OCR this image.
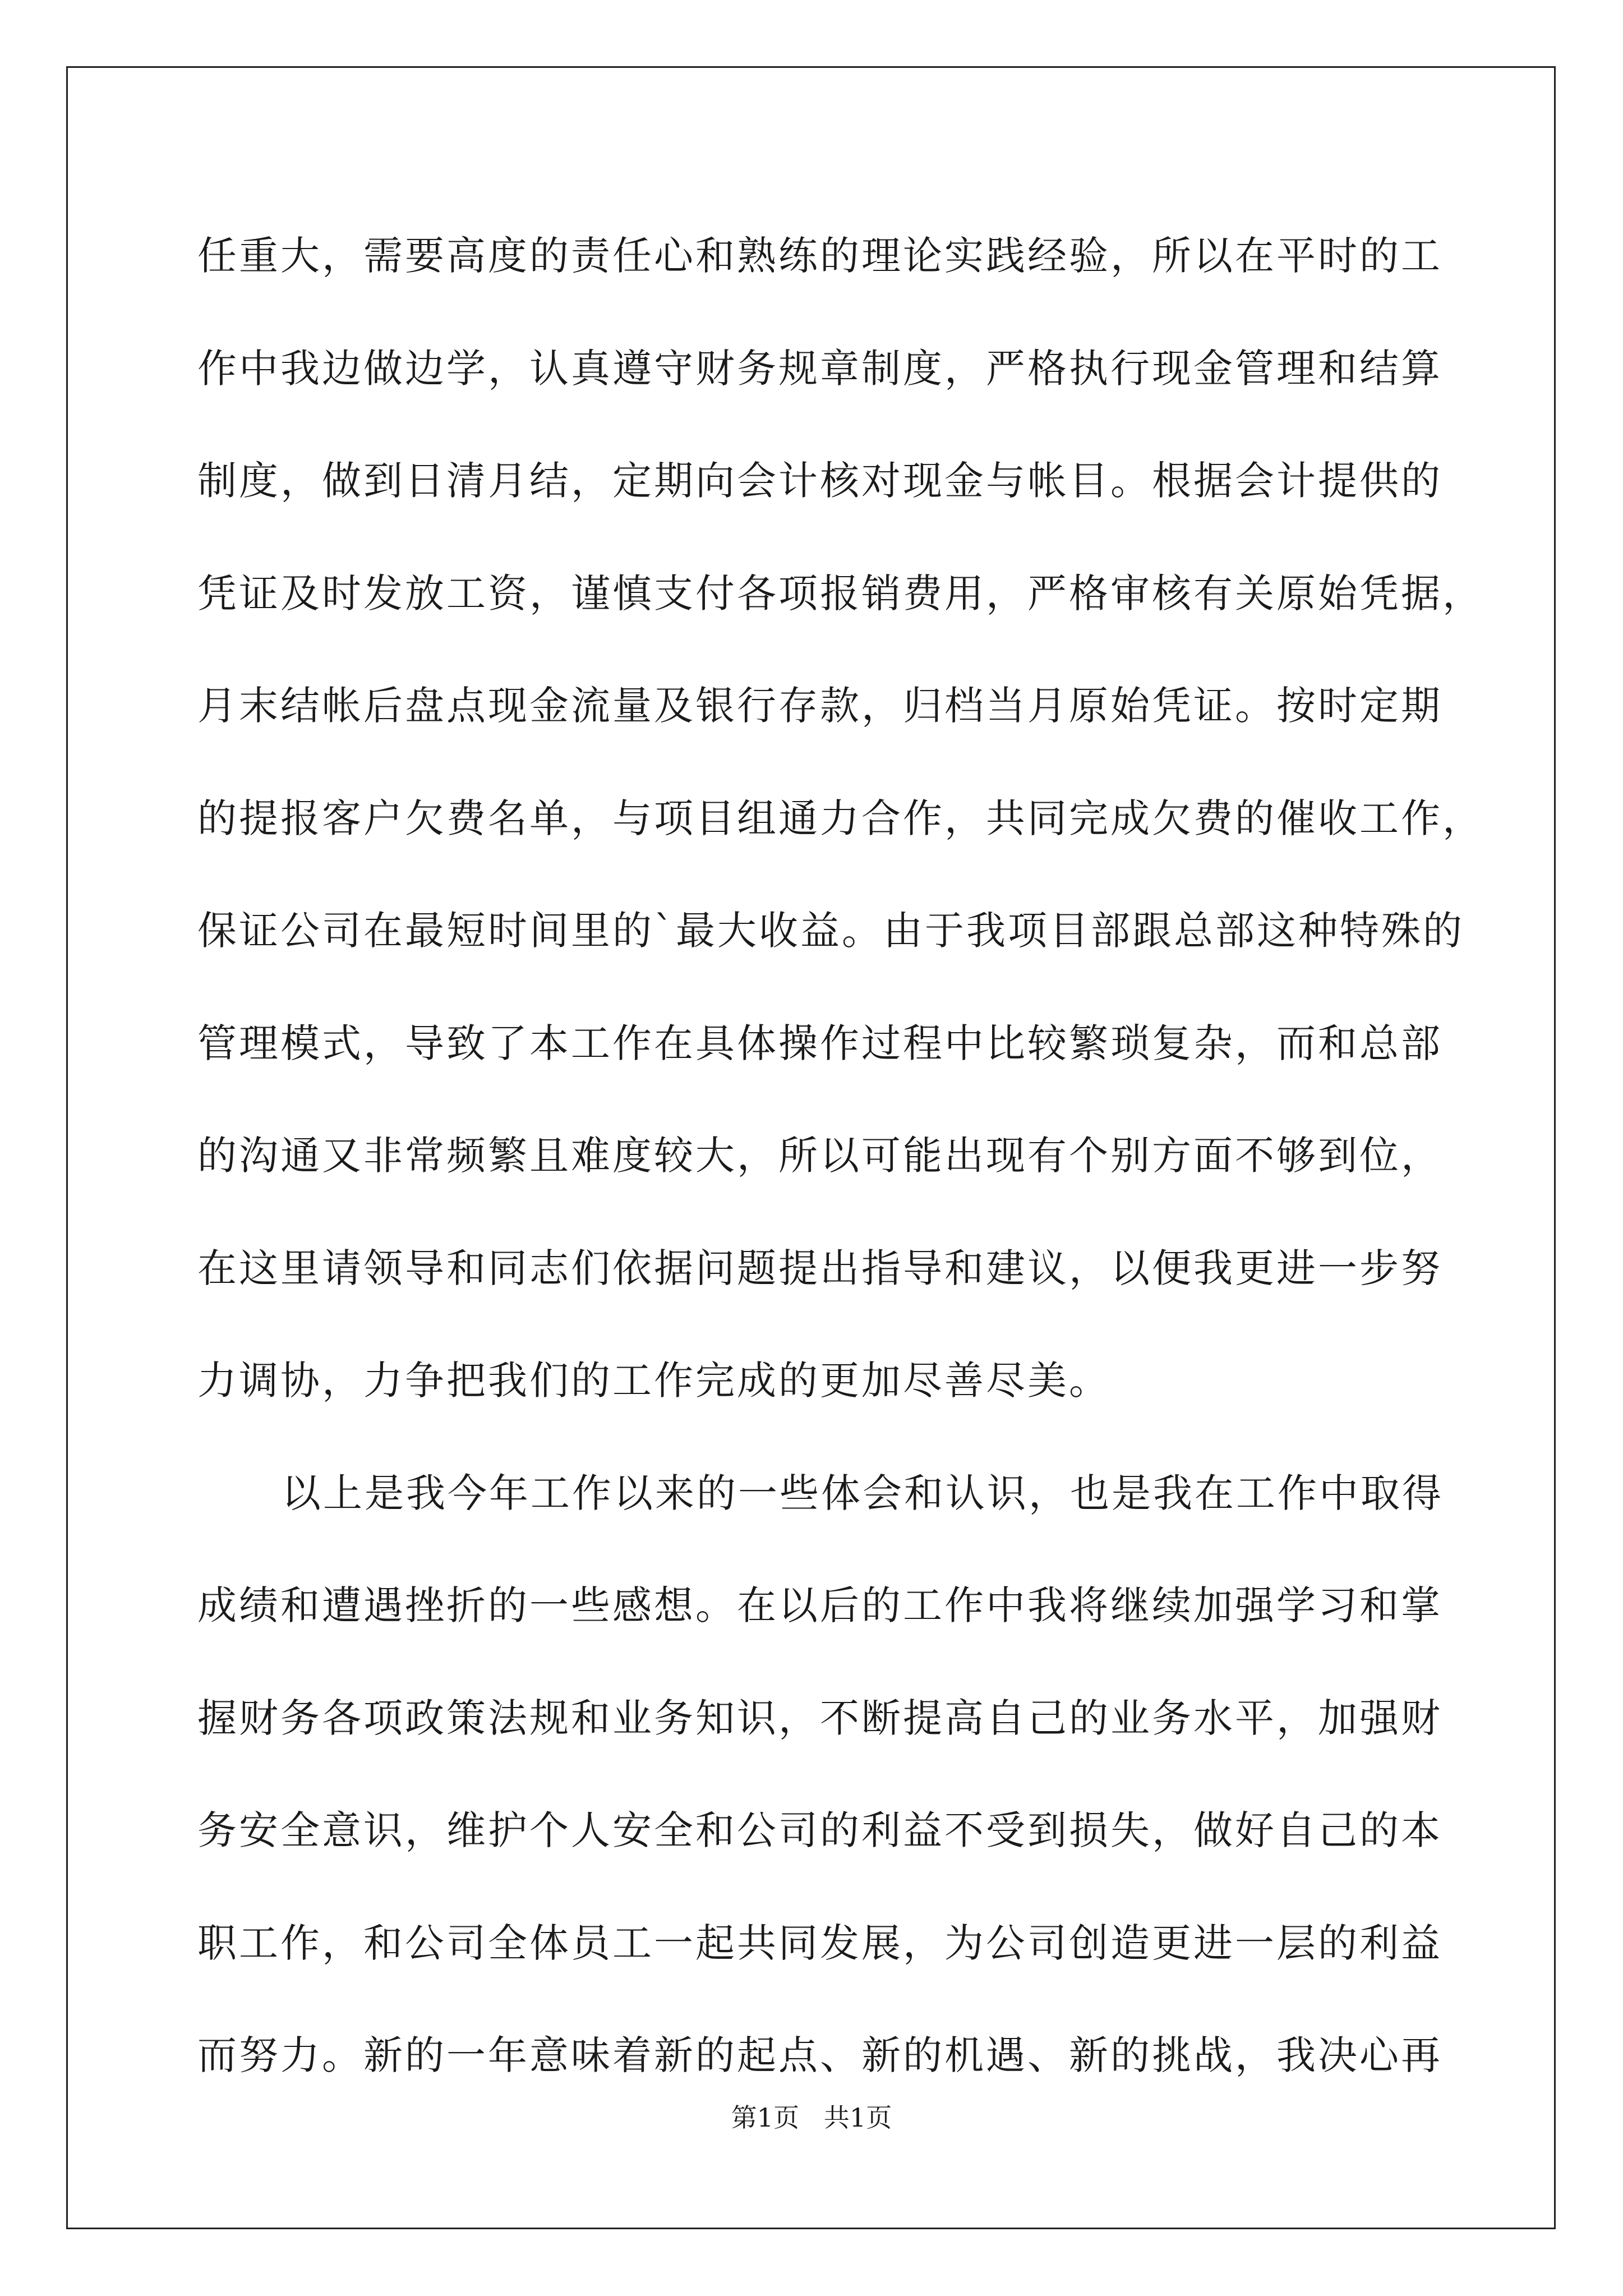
任重大，需要高度的责任心和熟练的理论实践经验，所以在平时的工
作中我边做边学，认真遵守财务规章制度，严格执行现金管理和结算
制度，做到日清月结，定期向会计核对现金与帐目。根据会计提供的
凭证及时发放工资，谨慎支付各项报销费用，严格审核有关原始凭据，
月末结帐后盘点现金流量及银行存款，归档当月原始凭证。按时定期
的提报客户欠费名单，与项目组通力合作，共同完成欠费的催收工作，
保证公司在最短时间里的`最大收益。由于我项目部跟总部这种特殊的
管理模式，导致了本工作在具体操作过程中比较繁琐复杂，而和总部
的沟通又非常频繁且难度较大，所以可能出现有个别方面不够到位，
在这里请领导和同志们依据问题提出指导和建议，以便我更进一步努
力调协，力争把我们的工作完成的更加尽善尽美。
以上是我今年工作以来的一些体会和认识，也是我在工作中取得
成绩和遭遇挫折的一些感想。在以后的工作中我将继续加强学习和掌
握财务各项政策法规和业务知识，不断提高自己的业务水平，加强财
务安全意识，维护个人安全和公司的利益不受到损失，做好自己的本
职工作，和公司全体员工一起共同发展，为公司创造更进一层的利益
而努力。新的一年意味着新的起点、新的机遇、新的挑战，我决心再
第1页   共1页
